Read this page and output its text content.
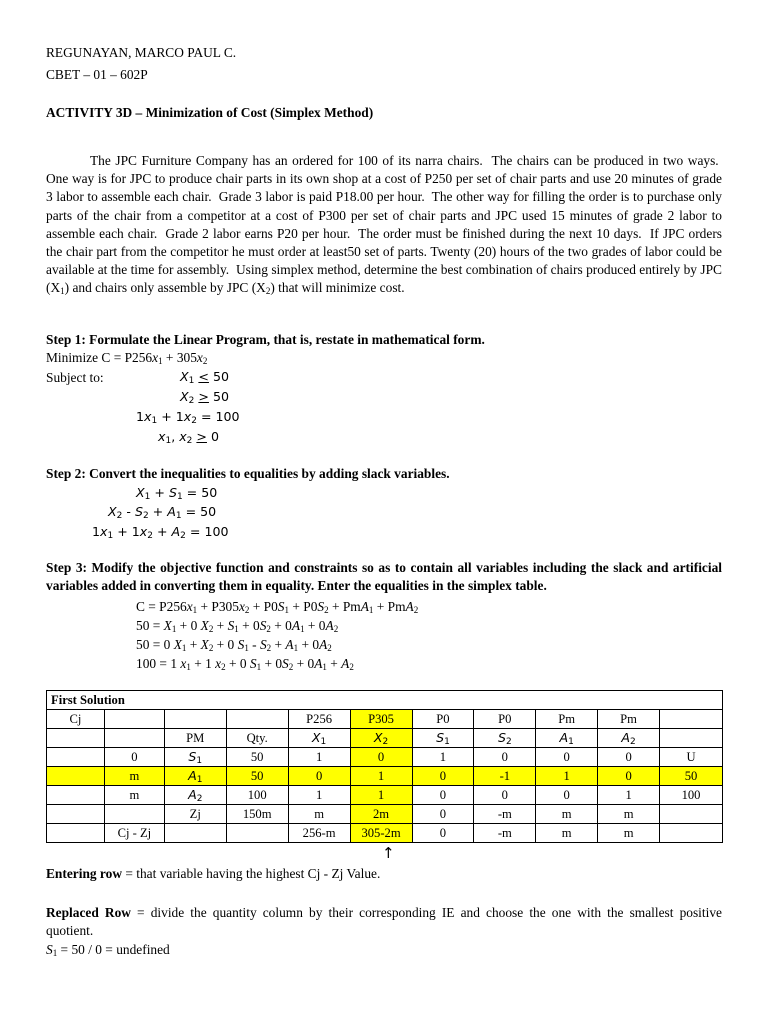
REGUNAYAN, MARCO PAUL C.
CBET – 01 – 602P
ACTIVITY 3D – Minimization of Cost (Simplex Method)
The JPC Furniture Company has an ordered for 100 of its narra chairs.  The chairs can be produced in two ways.  One way is for JPC to produce chair parts in its own shop at a cost of P250 per set of chair parts and use 20 minutes of grade 3 labor to assemble each chair.  Grade 3 labor is paid P18.00 per hour.  The other way for filling the order is to purchase only parts of the chair from a competitor at a cost of P300 per set of chair parts and JPC used 15 minutes of grade 2 labor to assemble each chair.  Grade 2 labor earns P20 per hour.  The order must be finished during the next 10 days.  If JPC orders the chair part from the competitor he must order at least50 set of parts. Twenty (20) hours of the two grades of labor could be available at the time for assembly.  Using simplex method, determine the best combination of chairs produced entirely by JPC $(X_1)$ and chairs only assemble by JPC $(X_2)$ that will minimize cost.
Step 1: Formulate the Linear Program, that is, restate in mathematical form.
Minimize $C = P256x_1 + 305x_2$
Subject to:	$X_1 < 50$
$X_2 > 50$
$1x_1 + 1x_2 = 100$
$x_1$, $x_2 > 0$
Step 2: Convert the inequalities to equalities by adding slack variables.
$X_1 + S_1 = 50$
$X_2 - S_2 + A_1 = 50$
$1x_1 + 1x_2 + A_2 = 100$
Step 3: Modify the objective function and constraints so as to contain all variables including the slack and artificial variables added in converting them in equality. Enter the equalities in the simplex table.
$C = P256x_1 + P305x_2 + P0S_1 + P0S_2 + PmA_1 + PmA_2$
$50 = X_1 + 0$ $X_2 + S_1 + 0S_2 + 0A_1 + 0A_2$
50 = 0 $X_1 + X_2 + 0$ $S_1 - S_2 + A_1 + 0A_2$
100 = 1 $x_1 + 1$ $x_2 + 0$ $S_1 + 0S_2 + 0A_1 + A_2$
First Solution										
Cj				P256	P305	P0	P0	Pm	Pm	
		PM	Qty.	$X_1$	$X_2$	$S_1$	$S_2$	$A_1$	$A_2$	
	0	$S_1$	50	1	0	1	0	0	0	U
	m	$A_1$	50	0	1	0	-1	1	0	50
	m	$A_2$	100	1	1	0	0	0	1	100
		Zj	150m	m	2m	0	-m	m	m	
	Cj - Zj			256-m	305-2m	0	-m	m	m	
↑
Entering row = that variable having the highest Cj - Zj Value.
Replaced Row = divide the quantity column by their corresponding IE and choose the one with the smallest positive quotient.
$S_1 = 50 / 0$ = undefined
